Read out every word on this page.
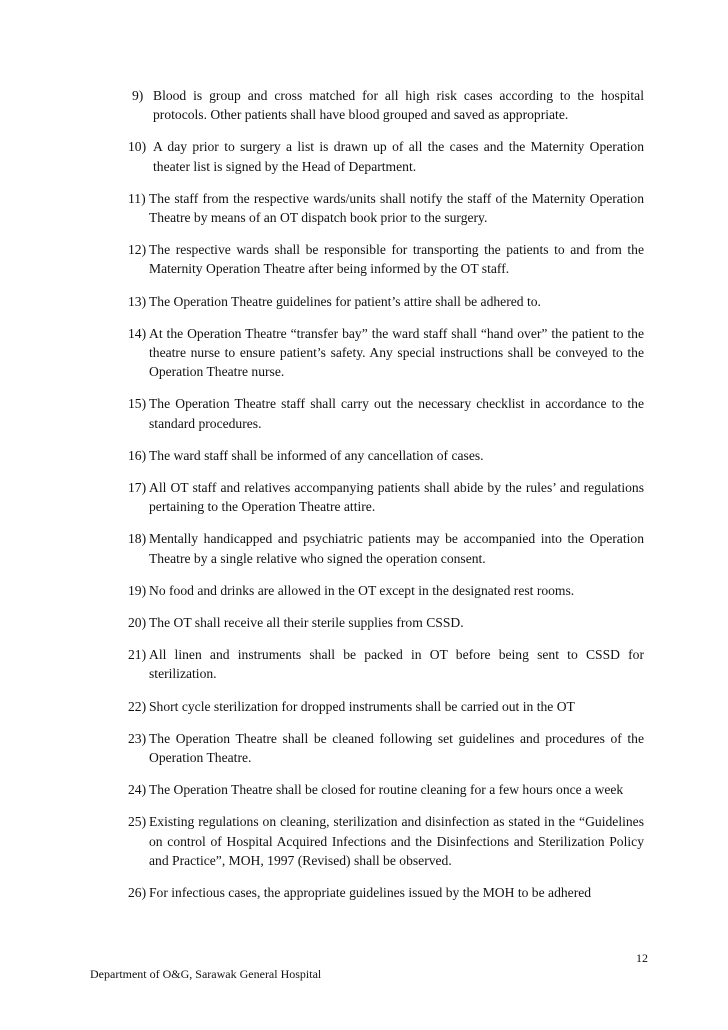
9) Blood is group and cross matched for all high risk cases according to the hospital protocols. Other patients shall have blood grouped and saved as appropriate.
10) A day prior to surgery a list is drawn up of all the cases and the Maternity Operation theater list is signed by the Head of Department.
11) The staff from the respective wards/units shall notify the staff of the Maternity Operation Theatre by means of an OT dispatch book prior to the surgery.
12) The respective wards shall be responsible for transporting the patients to and from the Maternity Operation Theatre after being informed by the OT staff.
13) The Operation Theatre guidelines for patient’s attire shall be adhered to.
14) At the Operation Theatre “transfer bay” the ward staff shall “hand over” the patient to the theatre nurse to ensure patient’s safety. Any special instructions shall be conveyed to the Operation Theatre nurse.
15) The Operation Theatre staff shall carry out the necessary checklist in accordance to the standard procedures.
16) The ward staff shall be informed of any cancellation of cases.
17) All OT staff and relatives accompanying patients shall abide by the rules’ and regulations pertaining to the Operation Theatre attire.
18) Mentally handicapped and psychiatric patients may be accompanied into the Operation Theatre by a single relative who signed the operation consent.
19) No food and drinks are allowed in the OT except in the designated rest rooms.
20) The OT shall receive all their sterile supplies from CSSD.
21) All linen and instruments shall be packed in OT before being sent to CSSD for sterilization.
22) Short cycle sterilization for dropped instruments shall be carried out in the OT
23) The Operation Theatre shall be cleaned following set guidelines and procedures of the Operation Theatre.
24) The Operation Theatre shall be closed for routine cleaning for a few hours once a week
25) Existing regulations on cleaning, sterilization and disinfection as stated in the “Guidelines on control of Hospital Acquired Infections and the Disinfections and Sterilization Policy and Practice”, MOH, 1997 (Revised) shall be observed.
26) For infectious cases, the appropriate guidelines issued by the MOH to be adhered
12
Department of O&G, Sarawak General Hospital
